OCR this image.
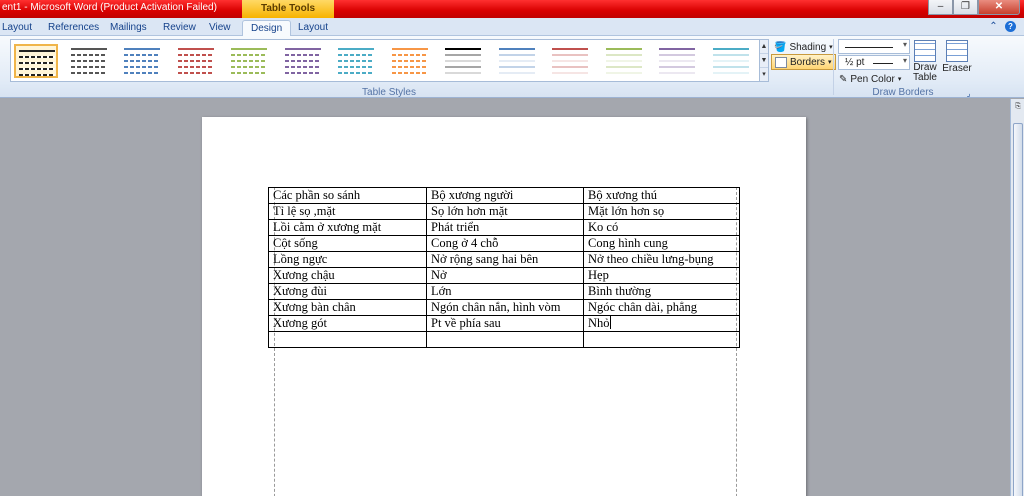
ent1 - Microsoft Word (Product Activation Failed)	Table Tools	‒	❐	✕
Layout References Mailings Review View	Design	Layout	⌃	?
▲
▼
▾
Table Styles
🪣 Shading ▾
Borders ▾
▾
½ pt	▾
✎ Pen Color ▾
Draw Table
Eraser
Draw Borders	⌟
⎘
Các phần so sánh	Bộ xương người	Bộ xương thú
Tỉ lệ sọ ,mặt	Sọ lớn hơn mặt	Mặt lớn hơn sọ
Lồi cằm ở xương mặt	Phát triển	Ko có
Cột sống	Cong ở 4 chỗ	Cong hình cung
Lồng ngực	Nở rộng sang hai bên	Nở theo chiều lưng-bụng
Xương chậu	Nở	Hẹp
Xương đùi	Lớn	Bình thường
Xương bàn chân	Ngón chân nắn, hình vòm	Ngóc chân dài, phẳng
Xương gót	Pt về phía sau	Nhỏ
